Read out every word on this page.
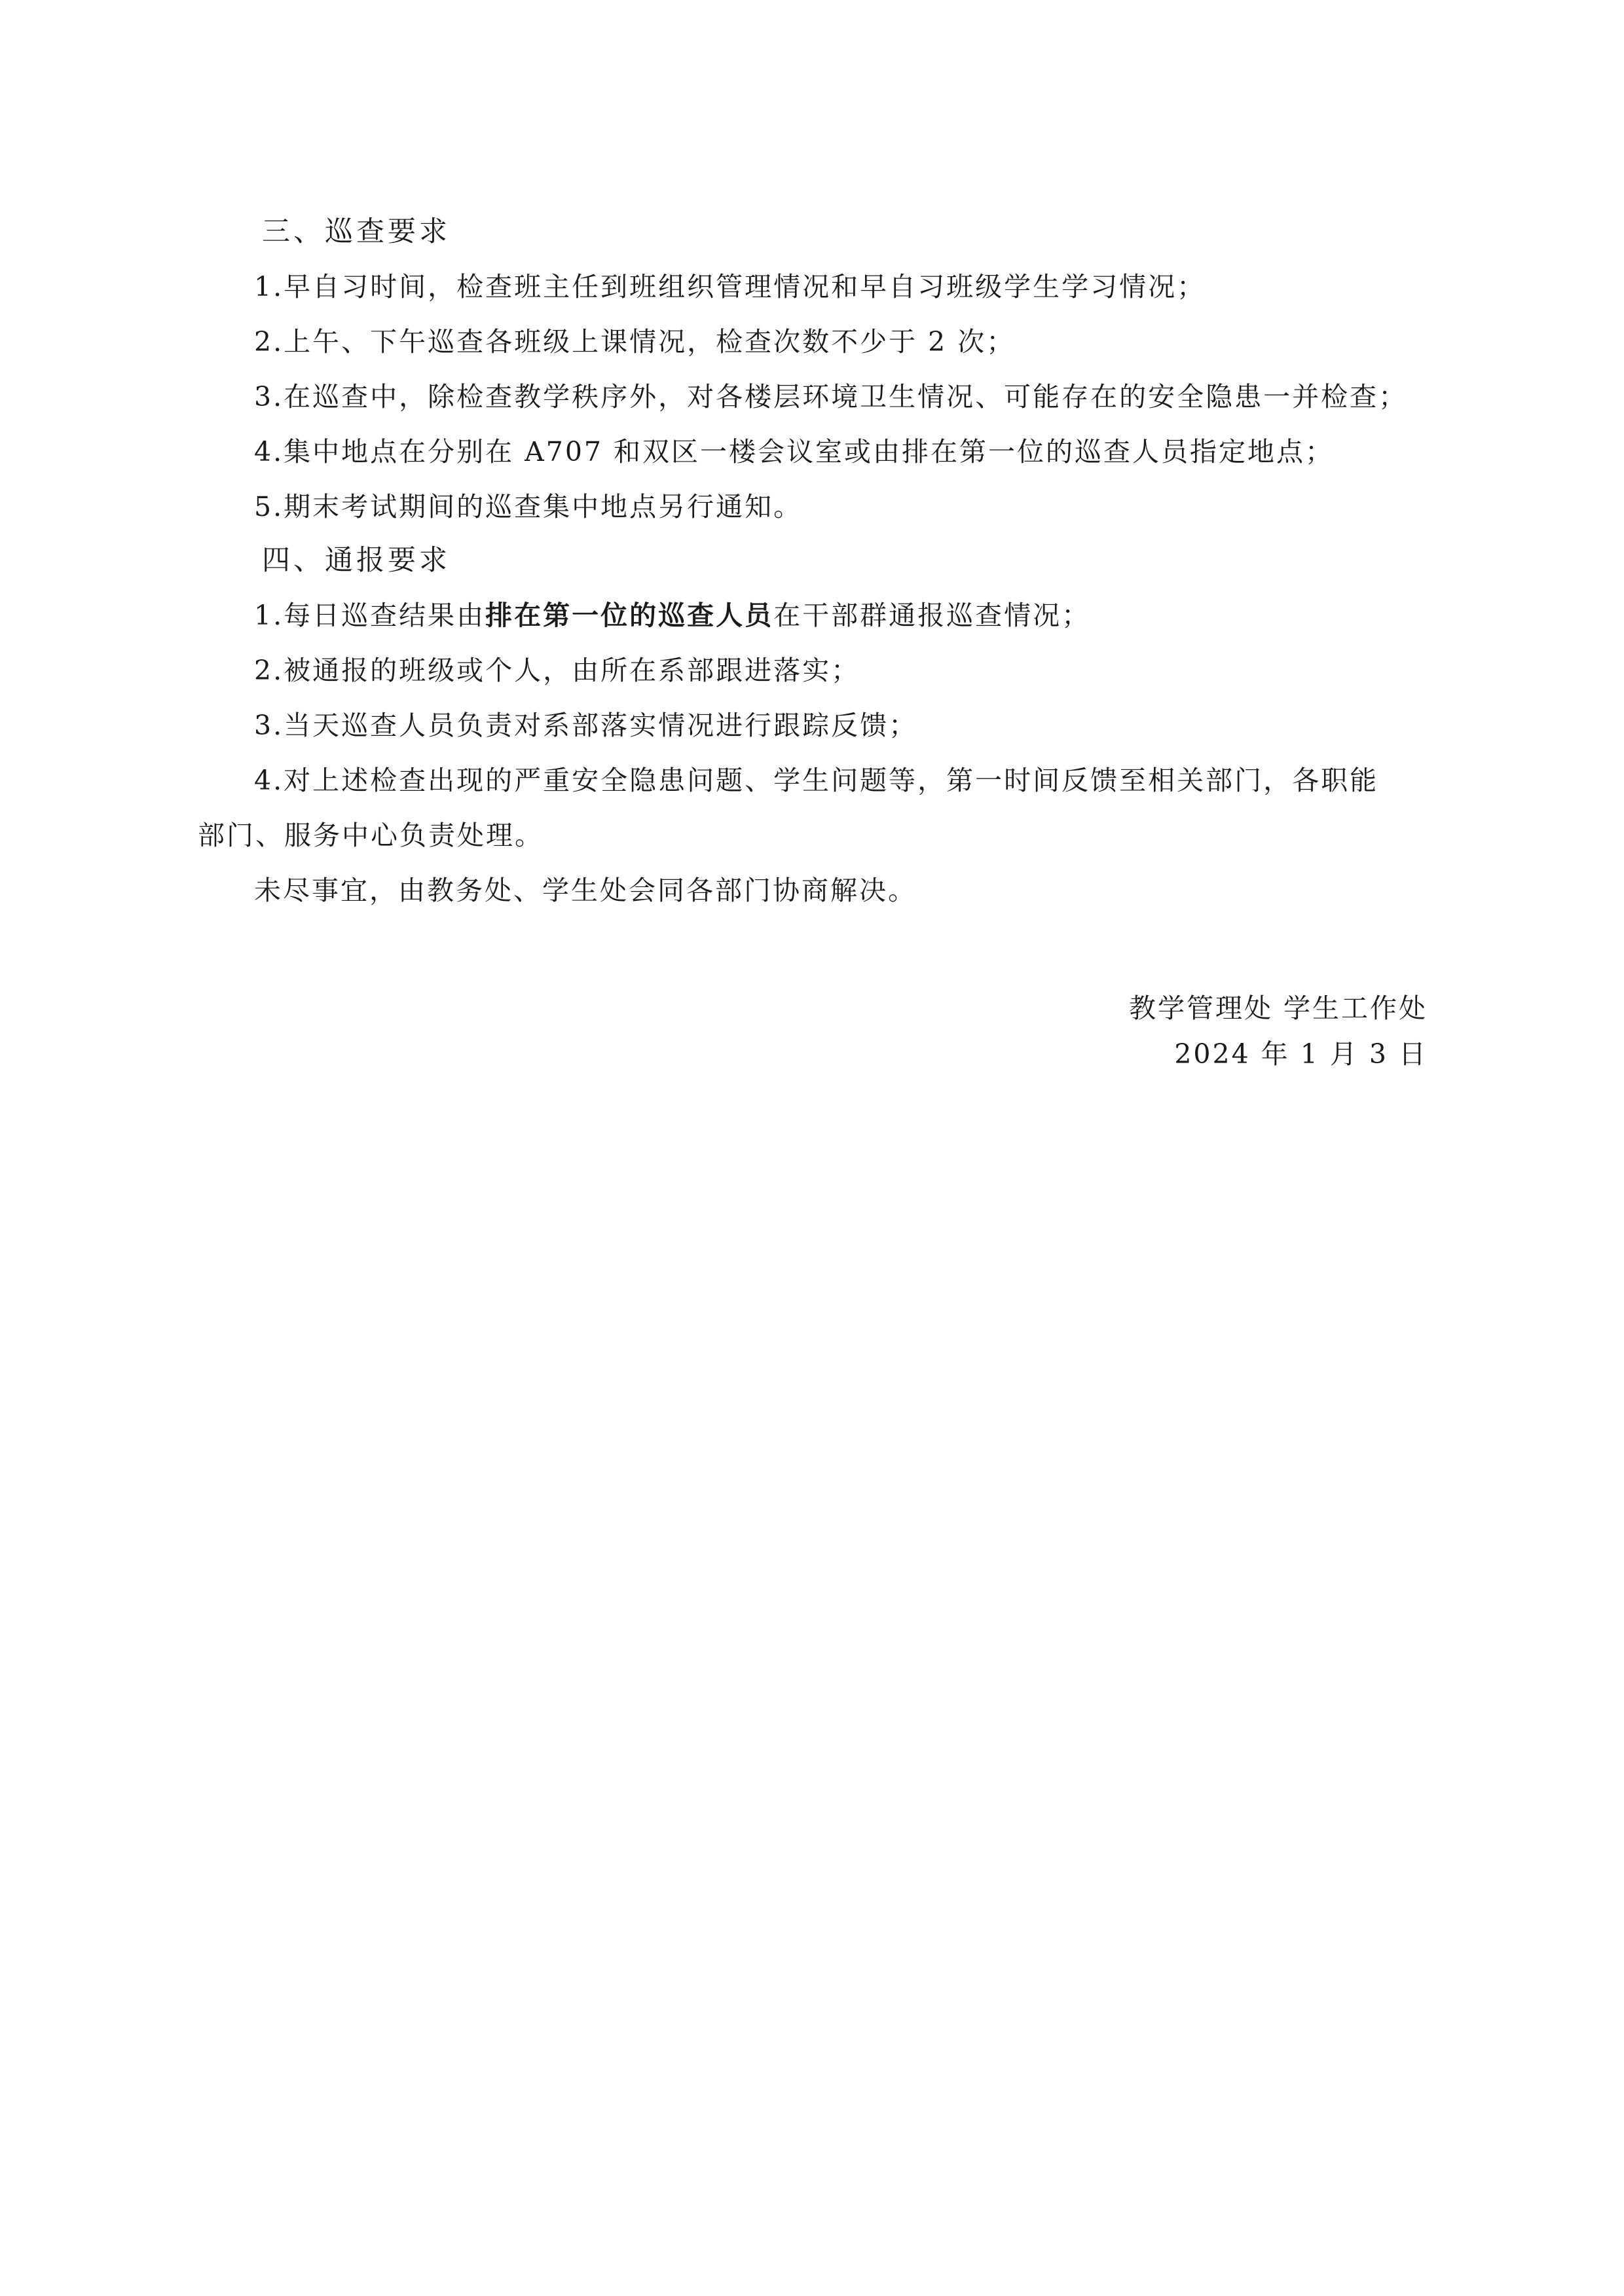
三、巡查要求
1.早自习时间，检查班主任到班组织管理情况和早自习班级学生学习情况；
2.上午、下午巡查各班级上课情况，检查次数不少于 2 次；
3.在巡查中，除检查教学秩序外，对各楼层环境卫生情况、可能存在的安全隐患一并检查；
4.集中地点在分别在 A707 和双区一楼会议室或由排在第一位的巡查人员指定地点；
5.期末考试期间的巡查集中地点另行通知。
四、通报要求
1.每日巡查结果由排在第一位的巡查人员在干部群通报巡查情况；
2.被通报的班级或个人，由所在系部跟进落实；
3.当天巡查人员负责对系部落实情况进行跟踪反馈；
4.对上述检查出现的严重安全隐患问题、学生问题等，第一时间反馈至相关部门，各职能
部门、服务中心负责处理。
未尽事宜，由教务处、学生处会同各部门协商解决。
教学管理处 学生工作处
2024 年 1 月 3 日
